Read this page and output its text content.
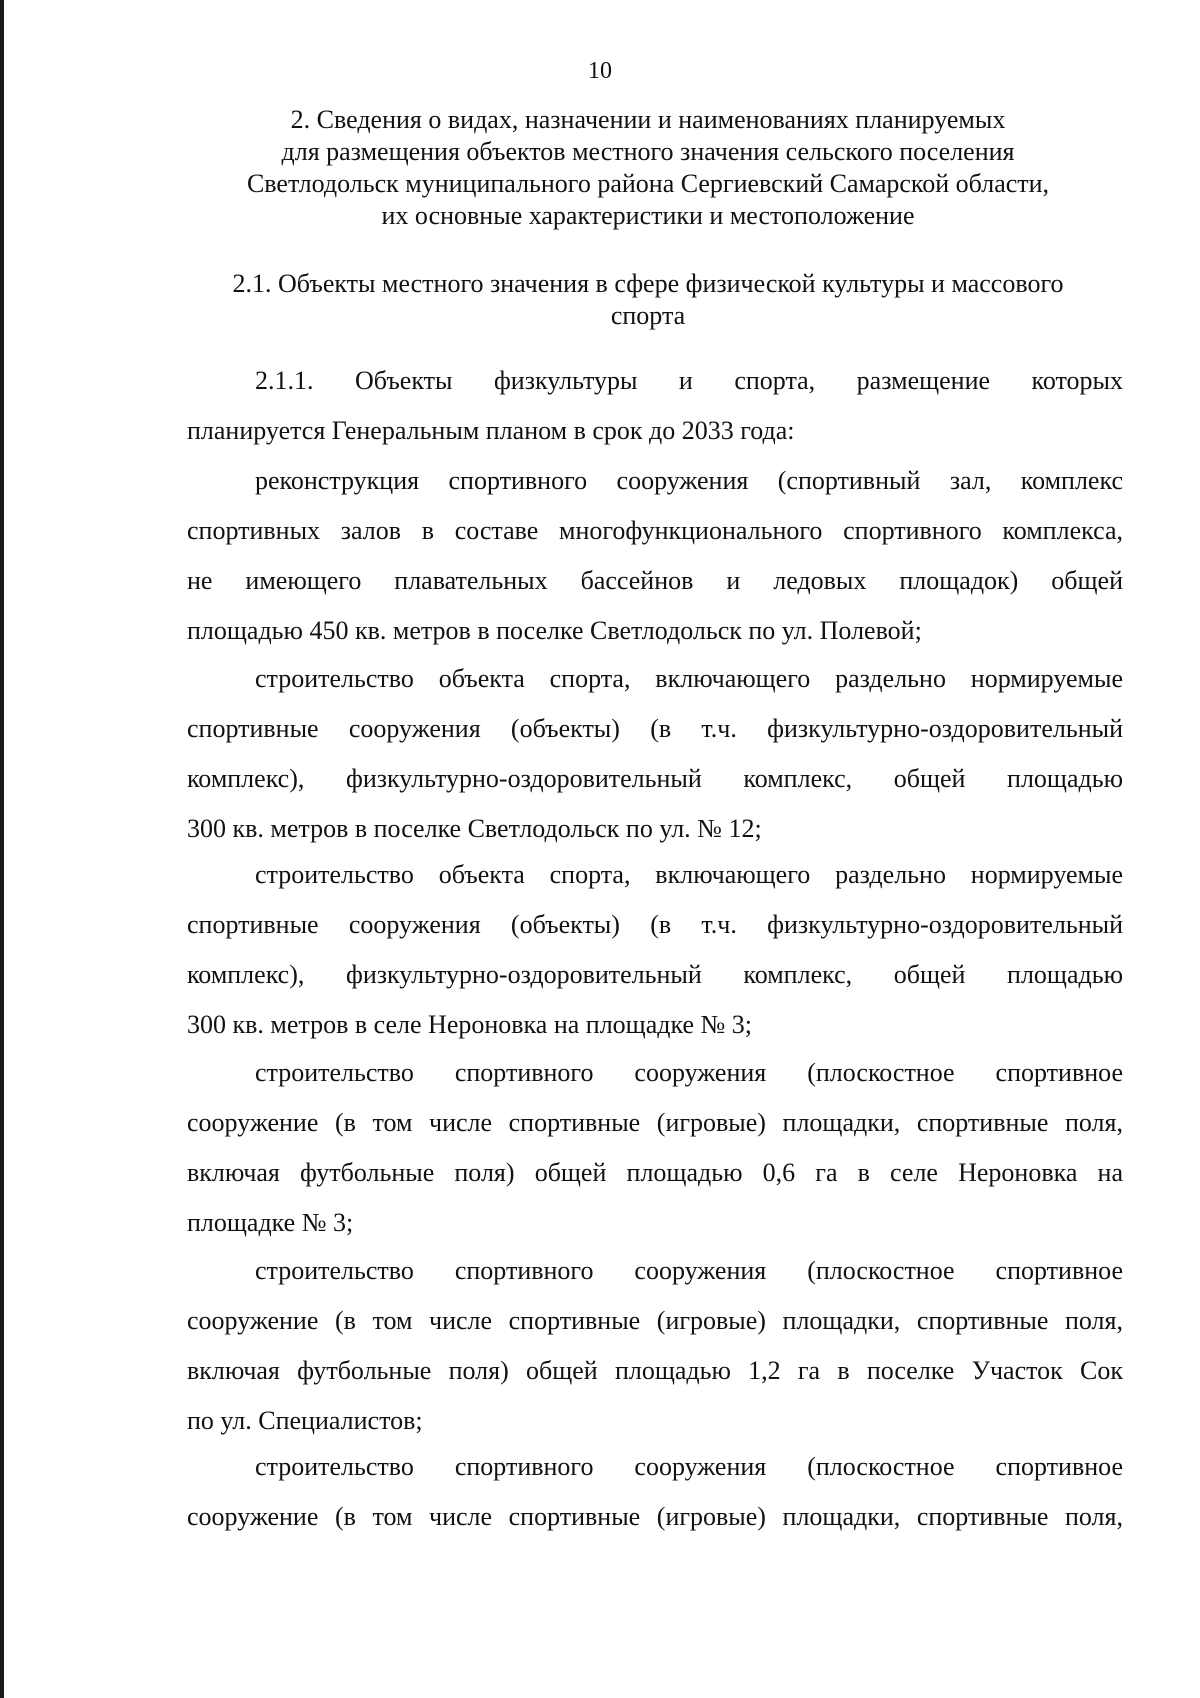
10
2. Сведения о видах, назначении и наименованиях планируемых
для размещения объектов местного значения сельского поселения
Светлодольск муниципального района Сергиевский Самарской области,
их основные характеристики и местоположение
2.1. Объекты местного значения в сфере физической культуры и массового
спорта
2.1.1. Объекты физкультуры и спорта, размещение которых
планируется Генеральным планом в срок до 2033 года:
реконструкция спортивного сооружения (спортивный зал, комплекс
спортивных залов в составе многофункционального спортивного комплекса,
не имеющего плавательных бассейнов и ледовых площадок) общей
площадью 450 кв. метров в поселке Светлодольск по ул. Полевой;
строительство объекта спорта, включающего раздельно нормируемые
спортивные сооружения (объекты) (в т.ч. физкультурно-оздоровительный
комплекс), физкультурно-оздоровительный комплекс, общей площадью
300 кв. метров в поселке Светлодольск по ул. № 12;
строительство объекта спорта, включающего раздельно нормируемые
спортивные сооружения (объекты) (в т.ч. физкультурно-оздоровительный
комплекс), физкультурно-оздоровительный комплекс, общей площадью
300 кв. метров в селе Нероновка на площадке № 3;
строительство спортивного сооружения (плоскостное спортивное
сооружение (в том числе спортивные (игровые) площадки, спортивные поля,
включая футбольные поля) общей площадью 0,6 га в селе Нероновка на
площадке № 3;
строительство спортивного сооружения (плоскостное спортивное
сооружение (в том числе спортивные (игровые) площадки, спортивные поля,
включая футбольные поля) общей площадью 1,2 га в поселке Участок Сок
по ул. Специалистов;
строительство спортивного сооружения (плоскостное спортивное
сооружение (в том числе спортивные (игровые) площадки, спортивные поля,
